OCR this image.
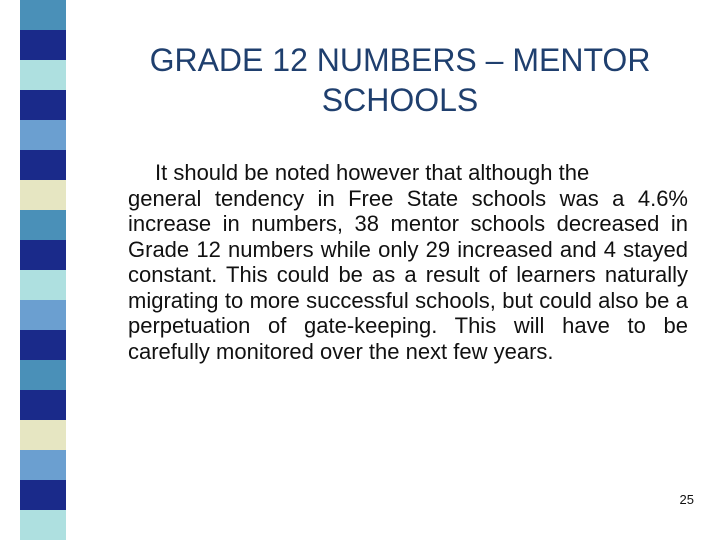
GRADE 12 NUMBERS – MENTOR
SCHOOLS

It should be noted however that although the
general tendency in Free State schools was a 4.6% increase in numbers, 38 mentor schools decreased in Grade 12 numbers while only 29 increased and 4 stayed constant. This could be as a result of learners naturally migrating to more successful schools, but could also be a perpetuation of gate-keeping. This will have to be carefully monitored over the next few years.

25
